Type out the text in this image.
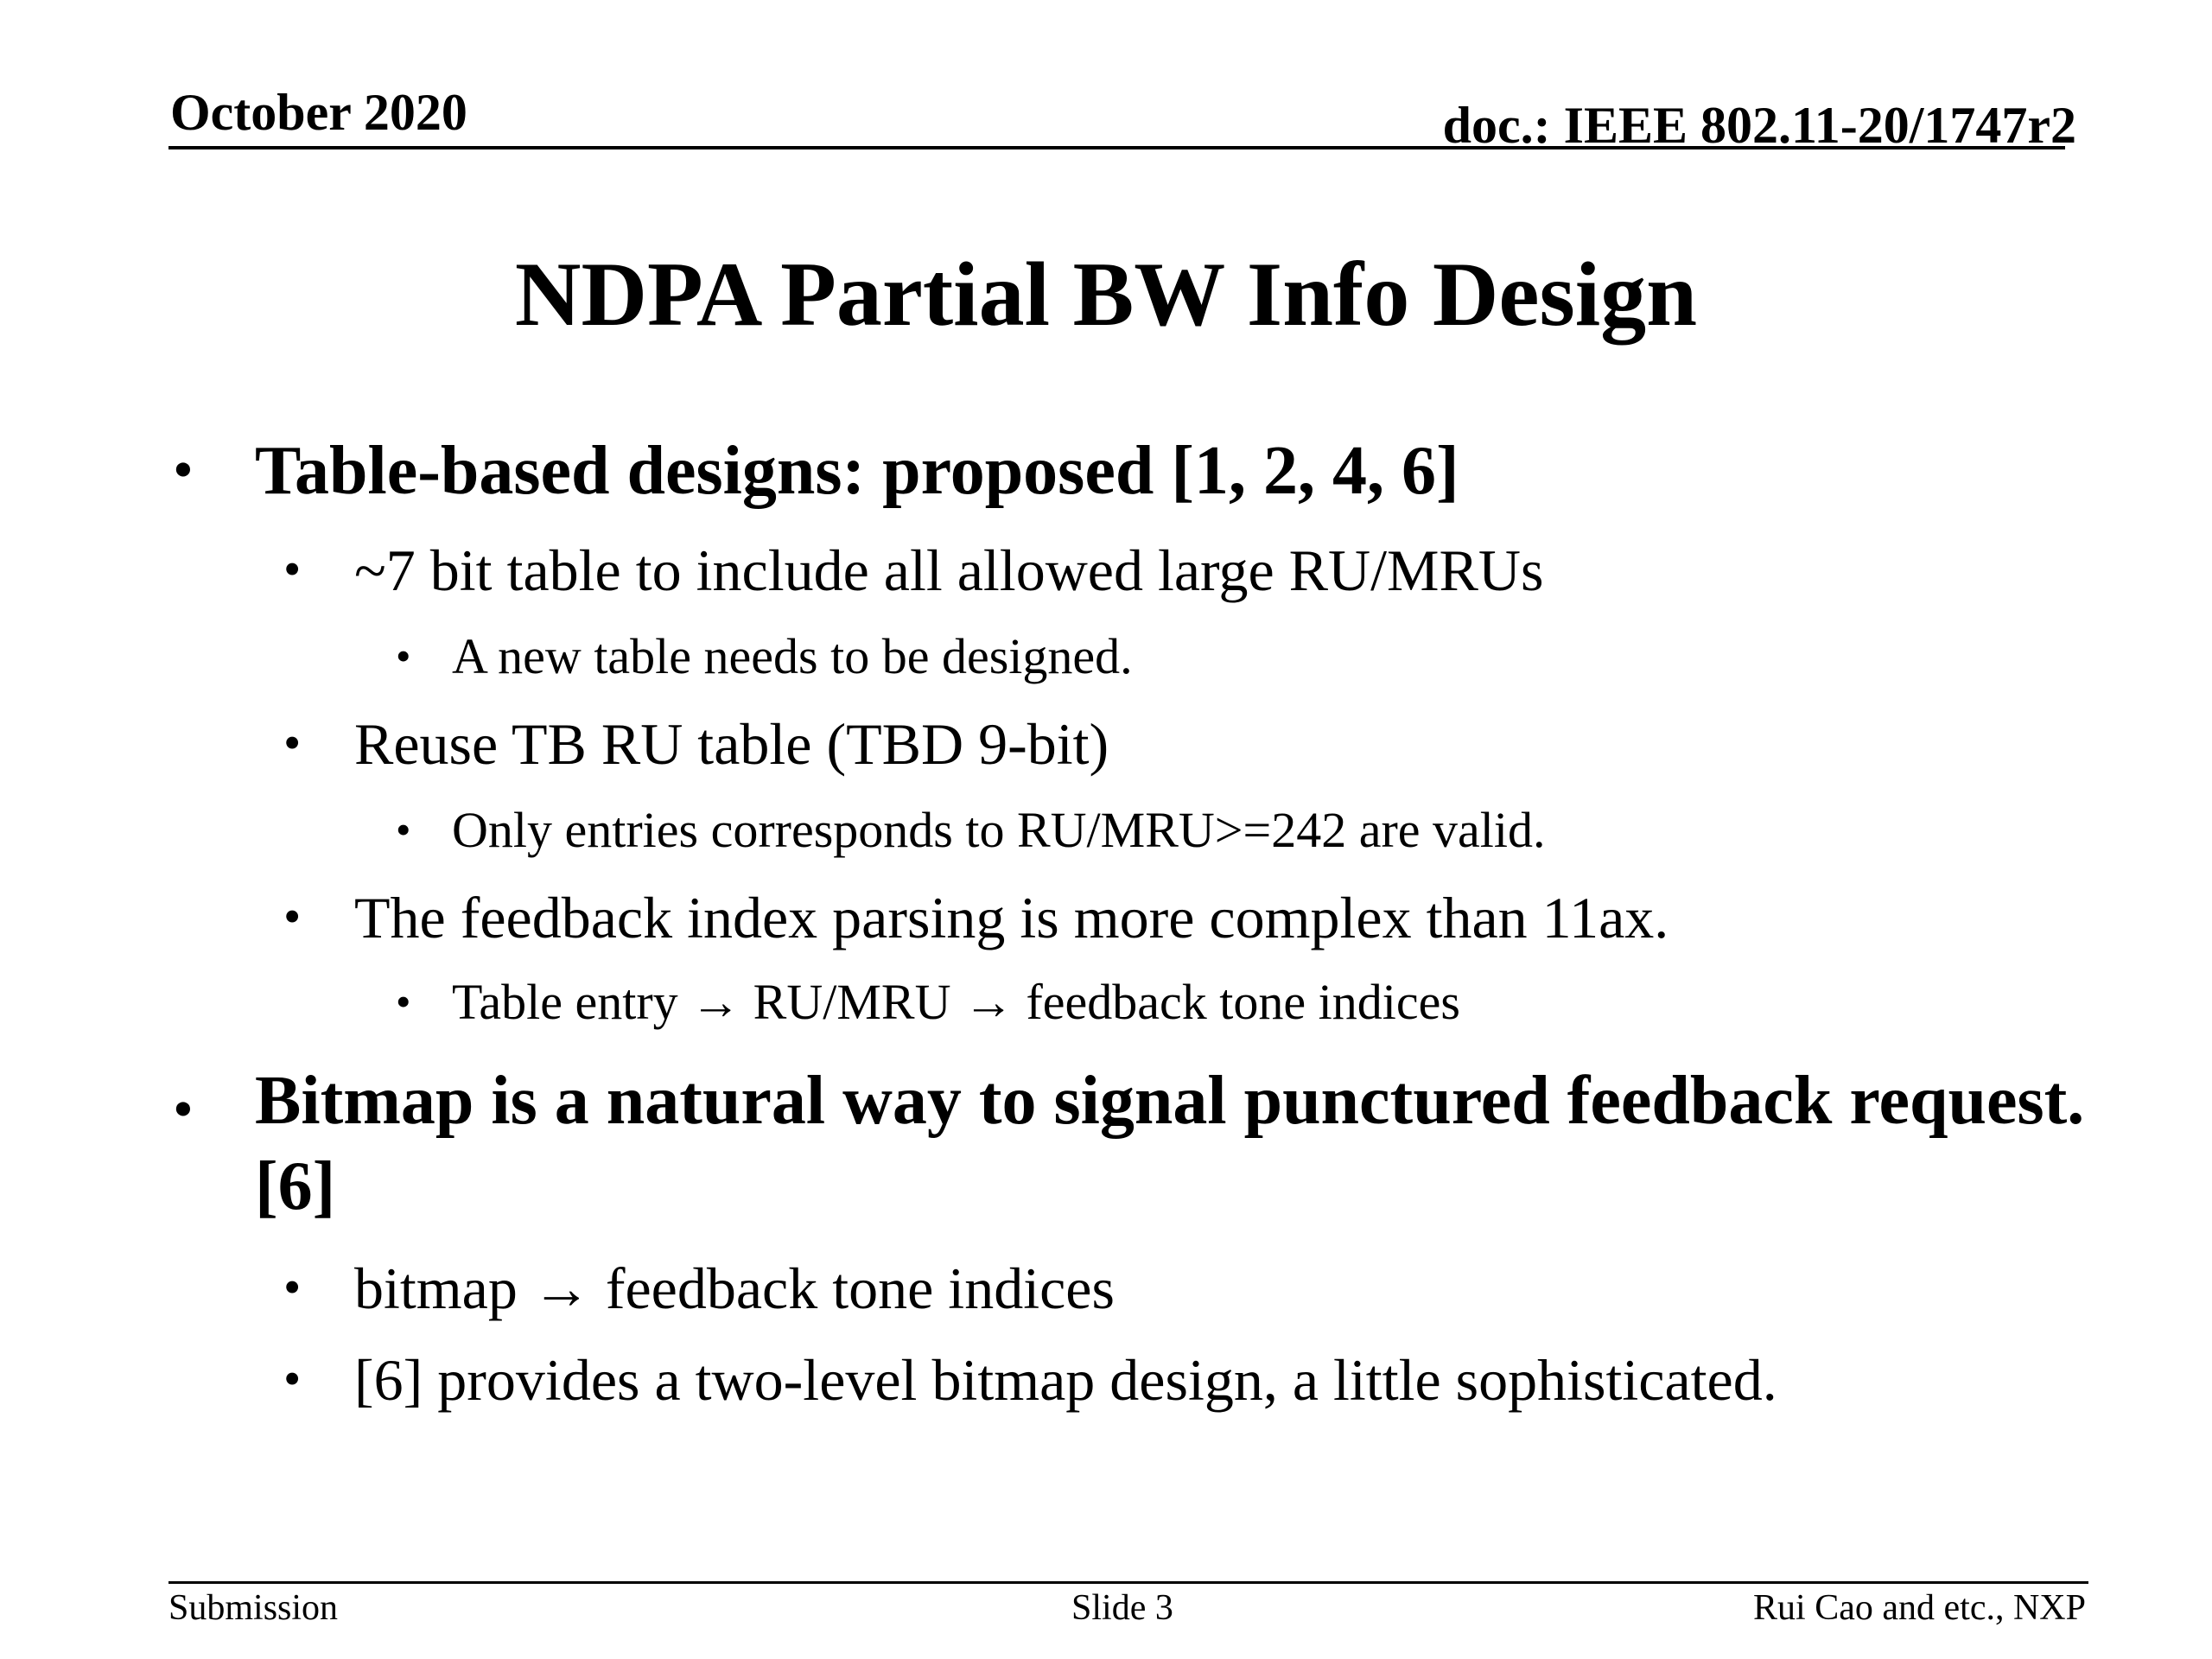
October 2020	doc.: IEEE 802.11-20/1747r2
NDPA Partial BW Info Design
• Table-based designs: proposed [1, 2, 4, 6]
• ~7 bit table to include all allowed large RU/MRUs
• A new table needs to be designed.
• Reuse TB RU table (TBD 9-bit)
• Only entries corresponds to RU/MRU>=242 are valid.
• The feedback index parsing is more complex than 11ax.
• Table entry → RU/MRU → feedback tone indices
• Bitmap is a natural way to signal punctured feedback request. [6]
• bitmap → feedback tone indices
• [6] provides a two-level bitmap design, a little sophisticated.
Submission	Slide 3	Rui Cao and etc., NXP
